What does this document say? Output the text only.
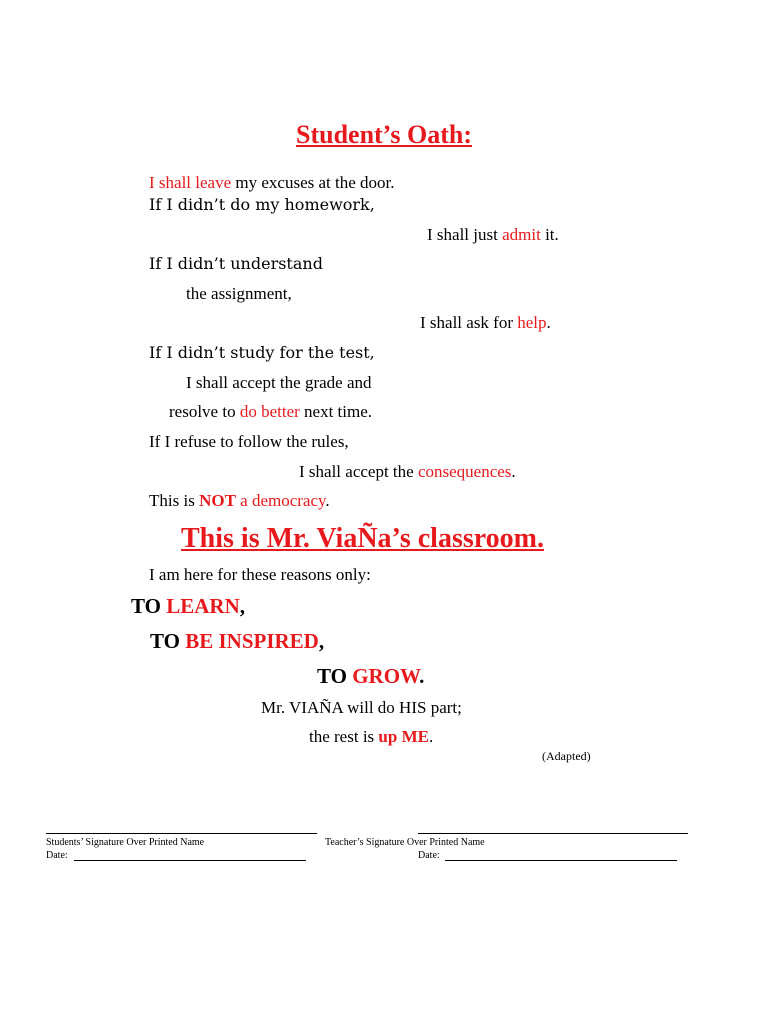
Student’s Oath:
I shall leave my excuses at the door.
If I didn’t do my homework,
I shall just admit it.
If I didn’t understand
the assignment,
I shall ask for help.
If I didn’t study for the test,
I shall accept the grade and
resolve to do better next time.
If I refuse to follow the rules,
I shall accept the consequences.
This is NOT a democracy.
This is Mr. ViaÑa’s classroom.
I am here for these reasons only:
TO LEARN,
TO BE INSPIRED,
TO GROW.
Mr. VIAÑA will do HIS part;
the rest is up ME.
(Adapted)
Students’ Signature Over Printed Name	Teacher’s Signature Over Printed Name
Date:	Date:
